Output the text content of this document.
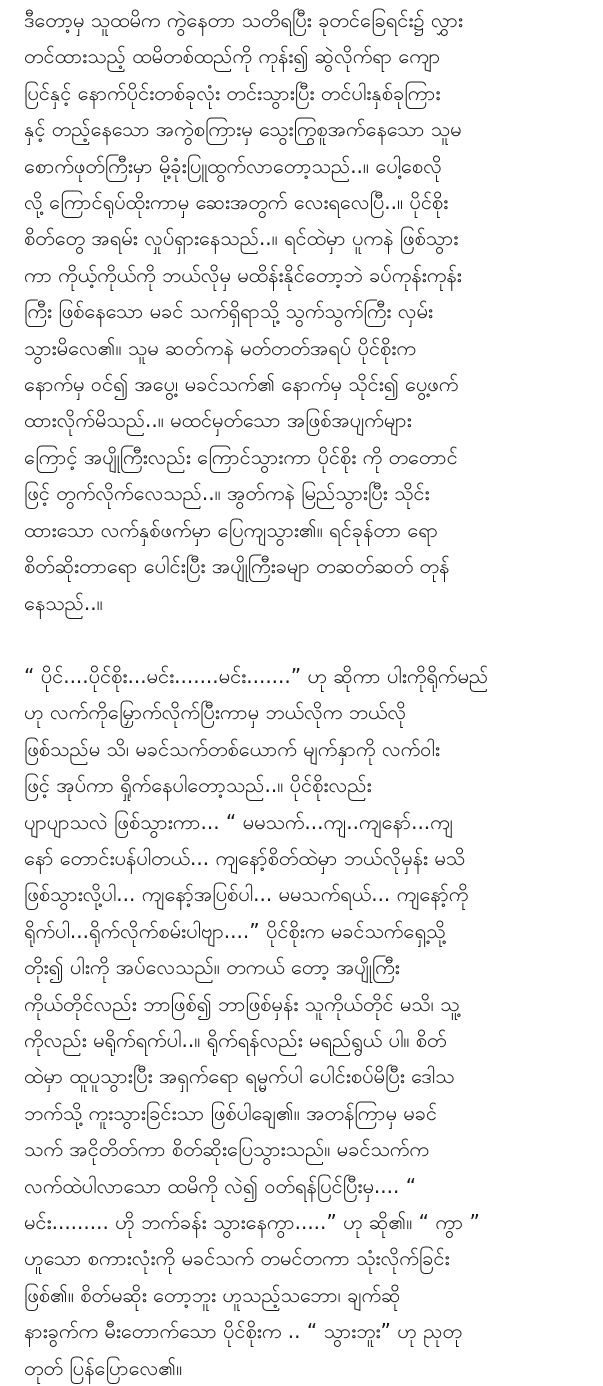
ဒီတော့မှ သူထမိက ကွဲနေတာ သတိရပြီး ခုတင်ခြေရင်း၌ လွှား
တင်ထားသည့် ထမိတစ်ထည်ကို ကုန်း၍ ဆွဲလိုက်ရာ ကျော
ပြင်နှင့် နောက်ပိုင်းတစ်ခုလုံး တင်းသွားပြီး တင်ပါးနှစ်ခုကြား
နှင့် တည့်နေသော အကွဲစကြားမှ သွေးကြွစူအက်နေသော သူမ
စောက်ဖုတ်ကြီးမှာ မို့ခုံးပြူထွက်လာတော့သည်..။ ပေါ့စေလို
လို့ ကြောင်ရုပ်ထိုးကာမှ ဆေးအတွက် လေးရလေပြီ..။ ပိုင်စိုး
စိတ်တွေ အရမ်း လှုပ်ရှားနေသည်..။ ရင်ထဲမှာ ပူကနဲ ဖြစ်သွား
ကာ ကိုယ့်ကိုယ်ကို ဘယ်လိုမှ မထိန်းနိုင်တော့ဘဲ ခပ်ကုန်းကုန်း
ကြီး ဖြစ်နေသော မခင် သက်ရှိရာသို့ သွက်သွက်ကြီး လှမ်း
သွားမိလေ၏။ သူမ ဆတ်ကနဲ မတ်တတ်အရပ် ပိုင်စိုးက
နောက်မှ ဝင်၍ အပွေ့၊ မခင်သက်၏ နောက်မှ သိုင်း၍ ပွေ့ဖက်
ထားလိုက်မိသည်..။ မထင်မှတ်သော အဖြစ်အပျက်များ
ကြောင့် အပျိုကြီးလည်း ကြောင်သွားကာ ပိုင်စိုး ကို တတောင်
ဖြင့် တွက်လိုက်လေသည်..။ အွတ်ကနဲ မြည်သွားပြီး သိုင်း
ထားသော လက်နှစ်ဖက်မှာ ပြေကျသွား၏။ ရင်ခုန်တာ ရော
စိတ်ဆိုးတာရော ပေါင်းပြီး အပျိုကြီးခမျာ တဆတ်ဆတ် တုန်
နေသည်..။
“ ပိုင်....ပိုင်စိုး...မင်း.......မင်း.......” ဟု ဆိုကာ ပါးကိုရိုက်မည်
ဟု လက်ကိုမြှောက်လိုက်ပြီးကာမှ ဘယ်လိုက ဘယ်လို
ဖြစ်သည်မ သိ၊ မခင်သက်တစ်ယောက် မျက်နှာကို လက်ဝါး
ဖြင့် အုပ်ကာ ရှိုက်နေပါတော့သည်..။ ပိုင်စိုးလည်း
ပျာပျာသလဲ ဖြစ်သွားကာ... “ မမသက်...ကျ..ကျနော်...ကျ
နော် တောင်းပန်ပါတယ်... ကျနော့်စိတ်ထဲမှာ ဘယ်လိုမှန်း မသိ
ဖြစ်သွားလို့ပါ... ကျနော့်အပြစ်ပါ... မမသက်ရယ်... ကျနော့်ကို
ရိုက်ပါ...ရိုက်လိုက်စမ်းပါဗျာ....” ပိုင်စိုးက မခင်သက်ရှေ့သို့
တိုး၍ ပါးကို အပ်လေသည်။ တကယ် တော့ အပျိုကြီး
ကိုယ်တိုင်လည်း ဘာဖြစ်၍ ဘာဖြစ်မှန်း သူကိုယ်တိုင် မသိ၊ သူ့
ကိုလည်း မရိုက်ရက်ပါ..။ ရိုက်ရန်လည်း မရည်ရွယ် ပါ။ စိတ်
ထဲမှာ ထူပူသွားပြီး အရှက်ရော ရမ္မက်ပါ ပေါင်းစပ်မိပြီး ဒေါသ
ဘက်သို့ ကူးသွားခြင်းသာ ဖြစ်ပါချေ၏။ အတန်ကြာမှ မခင်
သက် အငိုတိတ်ကာ စိတ်ဆိုးပြေသွားသည်။ မခင်သက်က
လက်ထဲပါလာသော ထမိကို လဲ၍ ဝတ်ရန်ပြင်ပြီးမှ.... “
မင်း......... ဟို ဘက်ခန်း သွားနေကွာ.....” ဟု ဆို၏။ “ ကွာ ”
ဟူသော စကားလုံးကို မခင်သက် တမင်တကာ သုံးလိုက်ခြင်း
ဖြစ်၏။ စိတ်မဆိုး တော့ဘူး ဟူသည့်သဘော၊ ချက်ဆို
နားခွက်က မီးတောက်သော ပိုင်စိုးက .. “ သွားဘူး” ဟု ညုတု
တုတ် ပြန်ပြောလေ၏။
